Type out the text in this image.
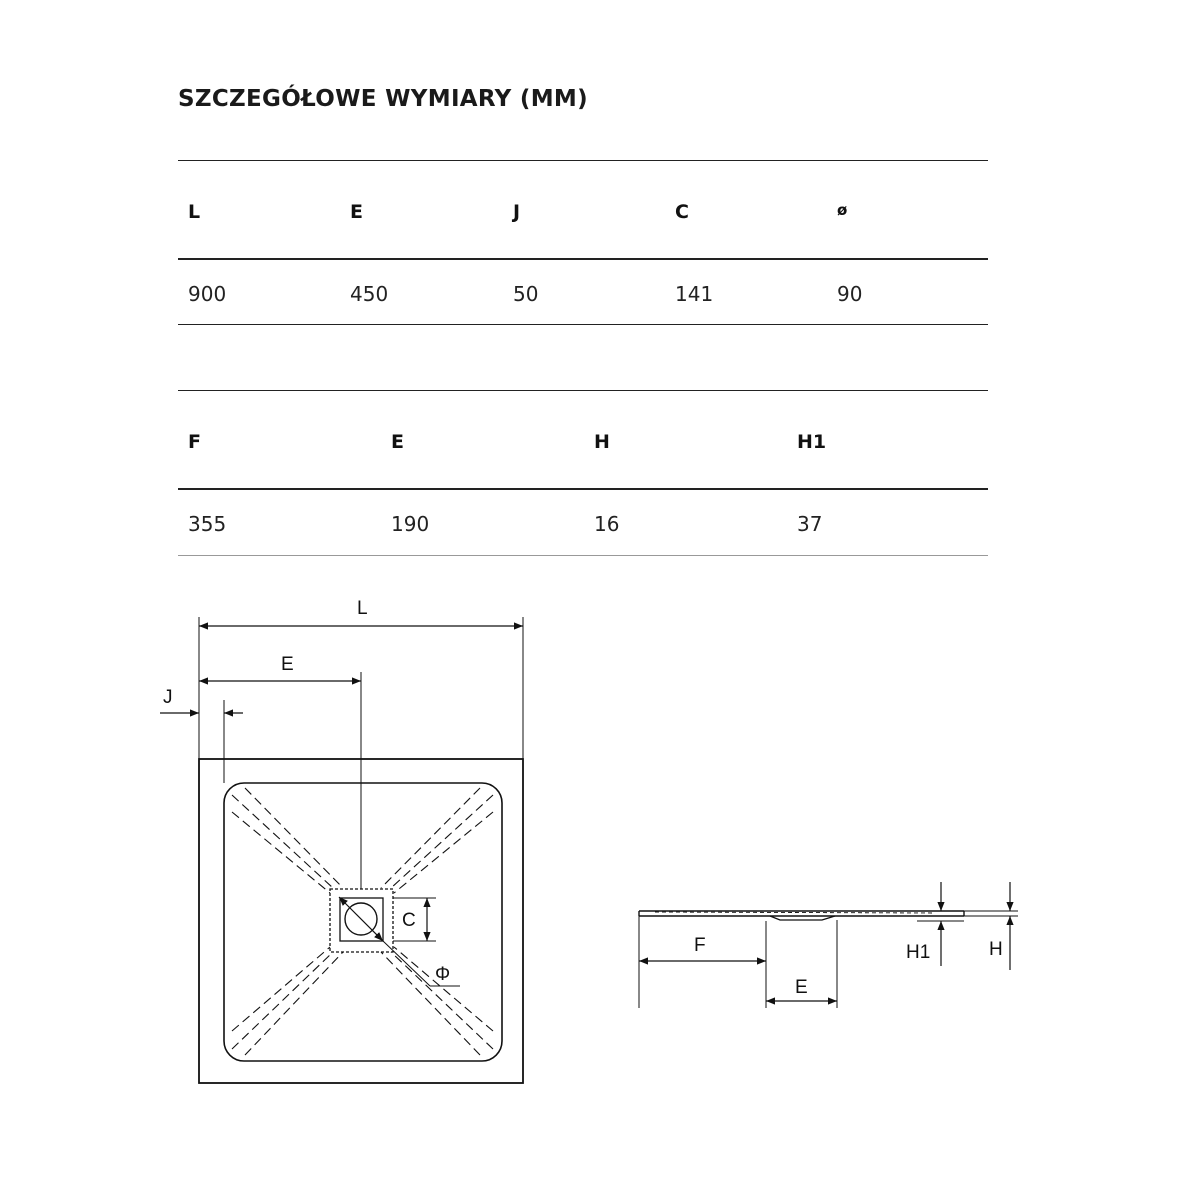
SZCZEGÓŁOWE WYMIARY (MM)
L	E	J	C	ø
900	450	50	141	90
F	E	H	H1
355	190	16	37
L
E
J
C
Φ
F
E
H1	H
